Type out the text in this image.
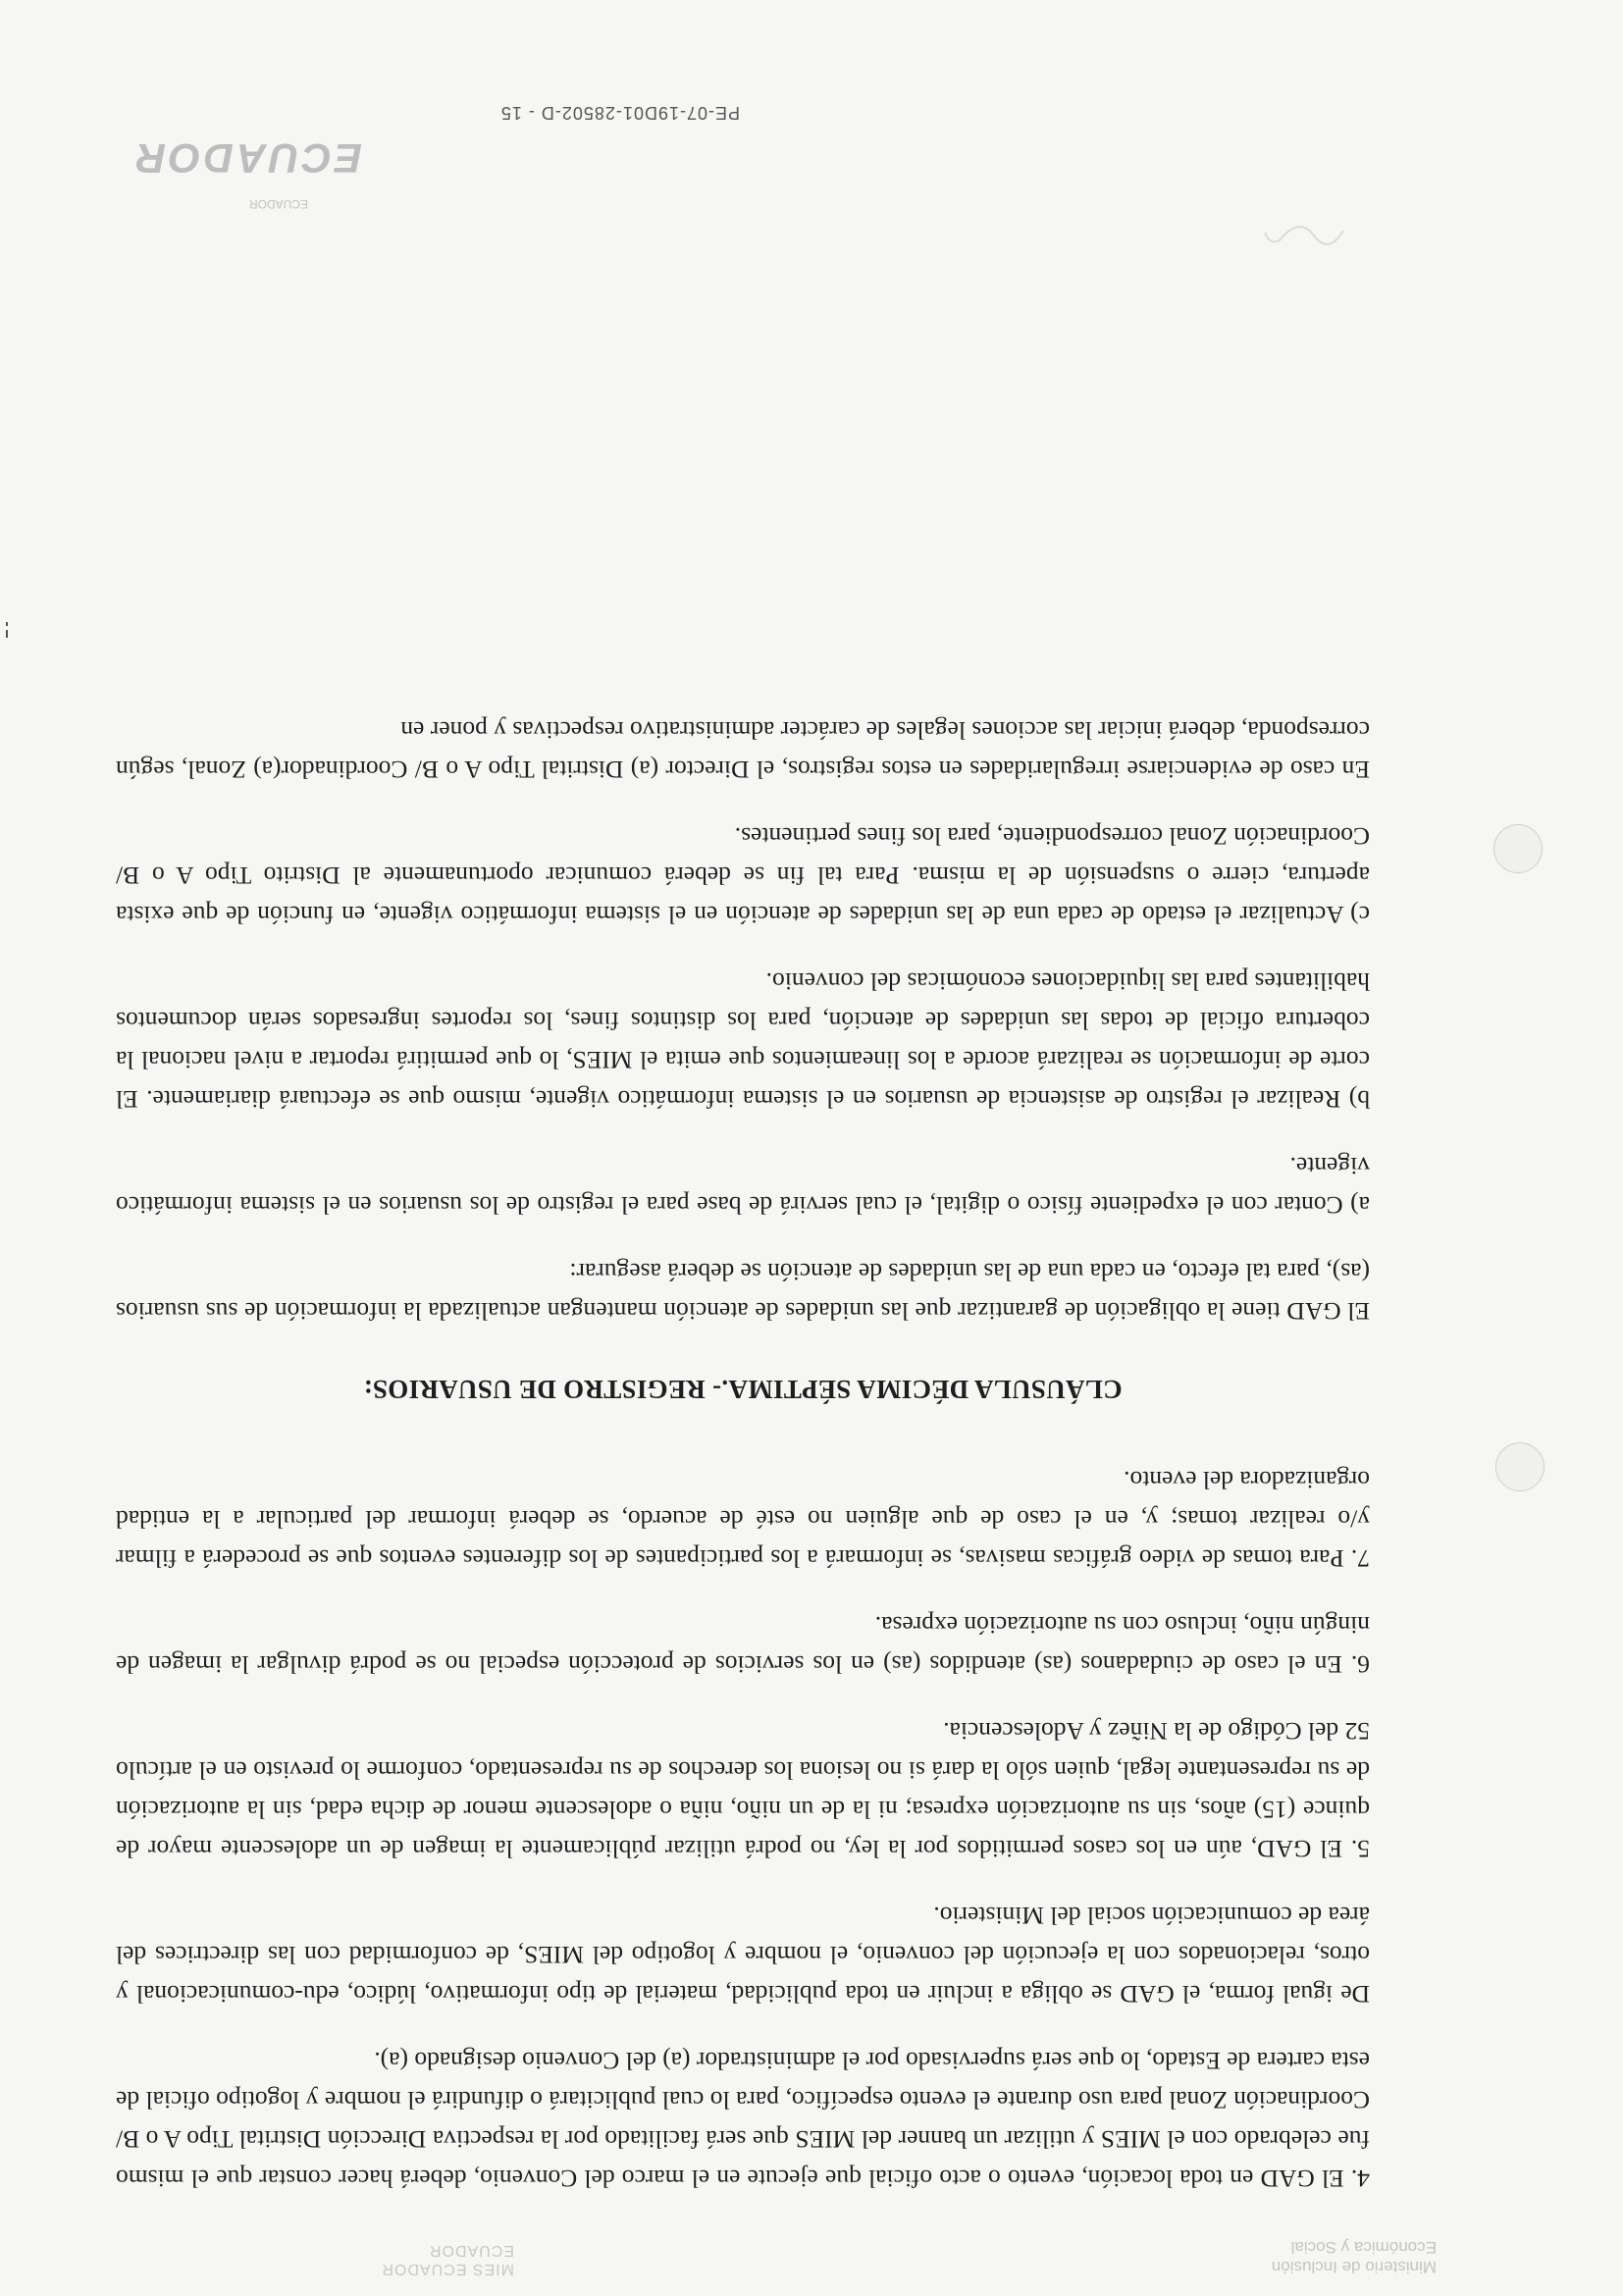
Ministerio de Inclusión
Económica y Social
MIES ECUADOR
ECUADOR

4. El GAD en toda locación, evento o acto oficial que ejecute en el marco del Convenio, deberá hacer constar que el mismo fue celebrado con el MIES y utilizar un banner del MIES que será facilitado por la respectiva Dirección Distrital Tipo A o B/ Coordinación Zonal para uso durante el evento específico, para lo cual publicitará o difundirá el nombre y logotipo oficial de esta cartera de Estado, lo que será supervisado por el administrador (a) del Convenio designado (a).

De igual forma, el GAD se obliga a incluir en toda publicidad, material de tipo informativo, lúdico, edu-comunicacional y otros, relacionados con la ejecución del convenio, el nombre y logotipo del MIES, de conformidad con las directrices del área de comunicación social del Ministerio.

5. El GAD, aún en los casos permitidos por la ley, no podrá utilizar públicamente la imagen de un adolescente mayor de quince (15) años, sin su autorización expresa; ni la de un niño, niña o adolescente menor de dicha edad, sin la autorización de su representante legal, quien sólo la dará si no lesiona los derechos de su representado, conforme lo previsto en el artículo 52 del Código de la Niñez y Adolescencia.

6. En el caso de ciudadanos (as) atendidos (as) en los servicios de protección especial no se podrá divulgar la imagen de ningún niño, incluso con su autorización expresa.

7. Para tomas de video gráficas masivas, se informará a los participantes de los diferentes eventos que se procederá a filmar y/o realizar tomas; y, en el caso de que alguien no esté de acuerdo, se deberá informar del particular a la entidad organizadora del evento.

CLÁUSULA DÉCIMA SÉPTIMA.- REGISTRO DE USUARIOS:

El GAD tiene la obligación de garantizar que las unidades de atención mantengan actualizada la información de sus usuarios (as), para tal efecto, en cada una de las unidades de atención se deberá asegurar:

a) Contar con el expediente físico o digital, el cual servirá de base para el registro de los usuarios en el sistema informático vigente.

b) Realizar el registro de asistencia de usuarios en el sistema informático vigente, mismo que se efectuará diariamente. El corte de información se realizará acorde a los lineamientos que emita el MIES, lo que permitirá reportar a nivel nacional la cobertura oficial de todas las unidades de atención, para los distintos fines, los reportes ingresados serán documentos habilitantes para las liquidaciones económicas del convenio.

c) Actualizar el estado de cada una de las unidades de atención en el sistema informático vigente, en función de que exista apertura, cierre o suspensión de la misma. Para tal fin se deberá comunicar oportunamente al Distrito Tipo A o B/ Coordinación Zonal correspondiente, para los fines pertinentes.

En caso de evidenciarse irregularidades en estos registros, el Director (a) Distrital Tipo A o B/ Coordinador(a) Zonal, según corresponda, deberá iniciar las acciones legales de carácter administrativo respectivas y poner en

ECUADOR
ECUADOR
PE-07-19D01-28502-D - 15
